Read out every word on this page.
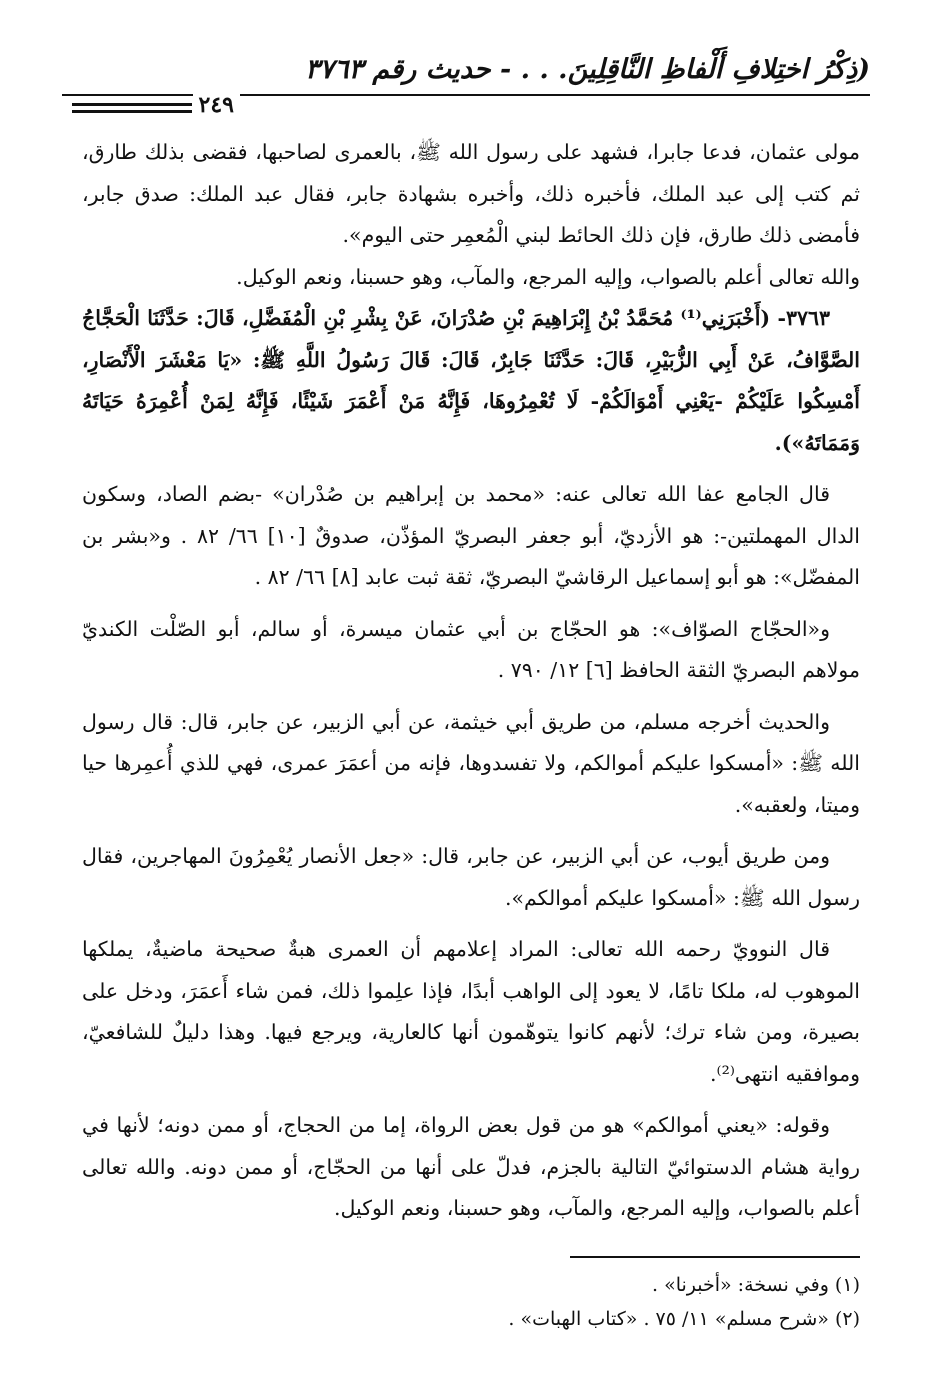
(ذِكْرُ اختِلافِ أَلْفاظِ النَّاقِلِينَ. . . - حديث رقم ٣٧٦٣
٢٤٩

مولى عثمان، فدعا جابرا، فشهد على رسول الله ﷺ، بالعمرى لصاحبها، فقضى بذلك طارق، ثم كتب إلى عبد الملك، فأخبره ذلك، وأخبره بشهادة جابر، فقال عبد الملك: صدق جابر، فأمضى ذلك طارق، فإن ذلك الحائط لبني الْمُعمِر حتى اليوم».

والله تعالى أعلم بالصواب، وإليه المرجع، والمآب، وهو حسبنا، ونعم الوكيل.

٣٧٦٣- (أَخْبَرَنِي⁽¹⁾ مُحَمَّدُ بْنُ إِبْرَاهِيمَ بْنِ صُدْرَانَ، عَنْ بِشْرِ بْنِ الْمُفَضَّلِ، قَالَ: حَدَّثَنَا الْحَجَّاجُ الصَّوَّافُ، عَنْ أَبِي الزُّبَيْرِ، قَالَ: حَدَّثَنَا جَابِرٌ، قَالَ: قَالَ رَسُولُ اللَّهِ ﷺ: «يَا مَعْشَرَ الْأَنْصَارِ، أَمْسِكُوا عَلَيْكُمْ -يَعْنِي أَمْوَالَكُمْ- لَا تُعْمِرُوهَا، فَإِنَّهُ مَنْ أَعْمَرَ شَيْئًا، فَإِنَّهُ لِمَنْ أُعْمِرَهُ حَيَاتَهُ وَمَمَاتَهُ»).

قال الجامع عفا الله تعالى عنه: «محمد بن إبراهيم بن صُدْران» -بضم الصاد، وسكون الدال المهملتين-: هو الأزديّ، أبو جعفر البصريّ المؤذّن، صدوقٌ [١٠] ٦٦/ ٨٢ . و«بشر بن المفضّل»: هو أبو إسماعيل الرقاشيّ البصريّ، ثقة ثبت عابد [٨] ٦٦/ ٨٢ .

و«الحجّاج الصوّاف»: هو الحجّاج بن أبي عثمان ميسرة، أو سالم، أبو الصّلْت الكنديّ مولاهم البصريّ الثقة الحافظ [٦] ١٢/ ٧٩٠ .

والحديث أخرجه مسلم، من طريق أبي خيثمة، عن أبي الزبير، عن جابر، قال: قال رسول الله ﷺ: «أمسكوا عليكم أموالكم، ولا تفسدوها، فإنه من أعمَرَ عمرى، فهي للذي أُعمِرها حيا وميتا، ولعقبه».

ومن طريق أيوب، عن أبي الزبير، عن جابر، قال: «جعل الأنصار يُعْمِرُونَ المهاجرين، فقال رسول الله ﷺ: «أمسكوا عليكم أموالكم».

قال النوويّ رحمه الله تعالى: المراد إعلامهم أن العمرى هبةٌ صحيحة ماضيةٌ، يملكها الموهوب له، ملكا تامًا، لا يعود إلى الواهب أبدًا، فإذا علِموا ذلك، فمن شاء أَعمَرَ، ودخل على بصيرة، ومن شاء ترك؛ لأنهم كانوا يتوهّمون أنها كالعارية، ويرجع فيها. وهذا دليلٌ للشافعيّ، وموافقيه انتهى⁽²⁾.

وقوله: «يعني أموالكم» هو من قول بعض الرواة، إما من الحجاج، أو ممن دونه؛ لأنها في رواية هشام الدستوائيّ التالية بالجزم، فدلّ على أنها من الحجّاج، أو ممن دونه. والله تعالى أعلم بالصواب، وإليه المرجع، والمآب، وهو حسبنا، ونعم الوكيل.

(١) وفي نسخة: «أخبرنا» .

(٢) «شرح مسلم» ١١/ ٧٥ . «كتاب الهبات» .
